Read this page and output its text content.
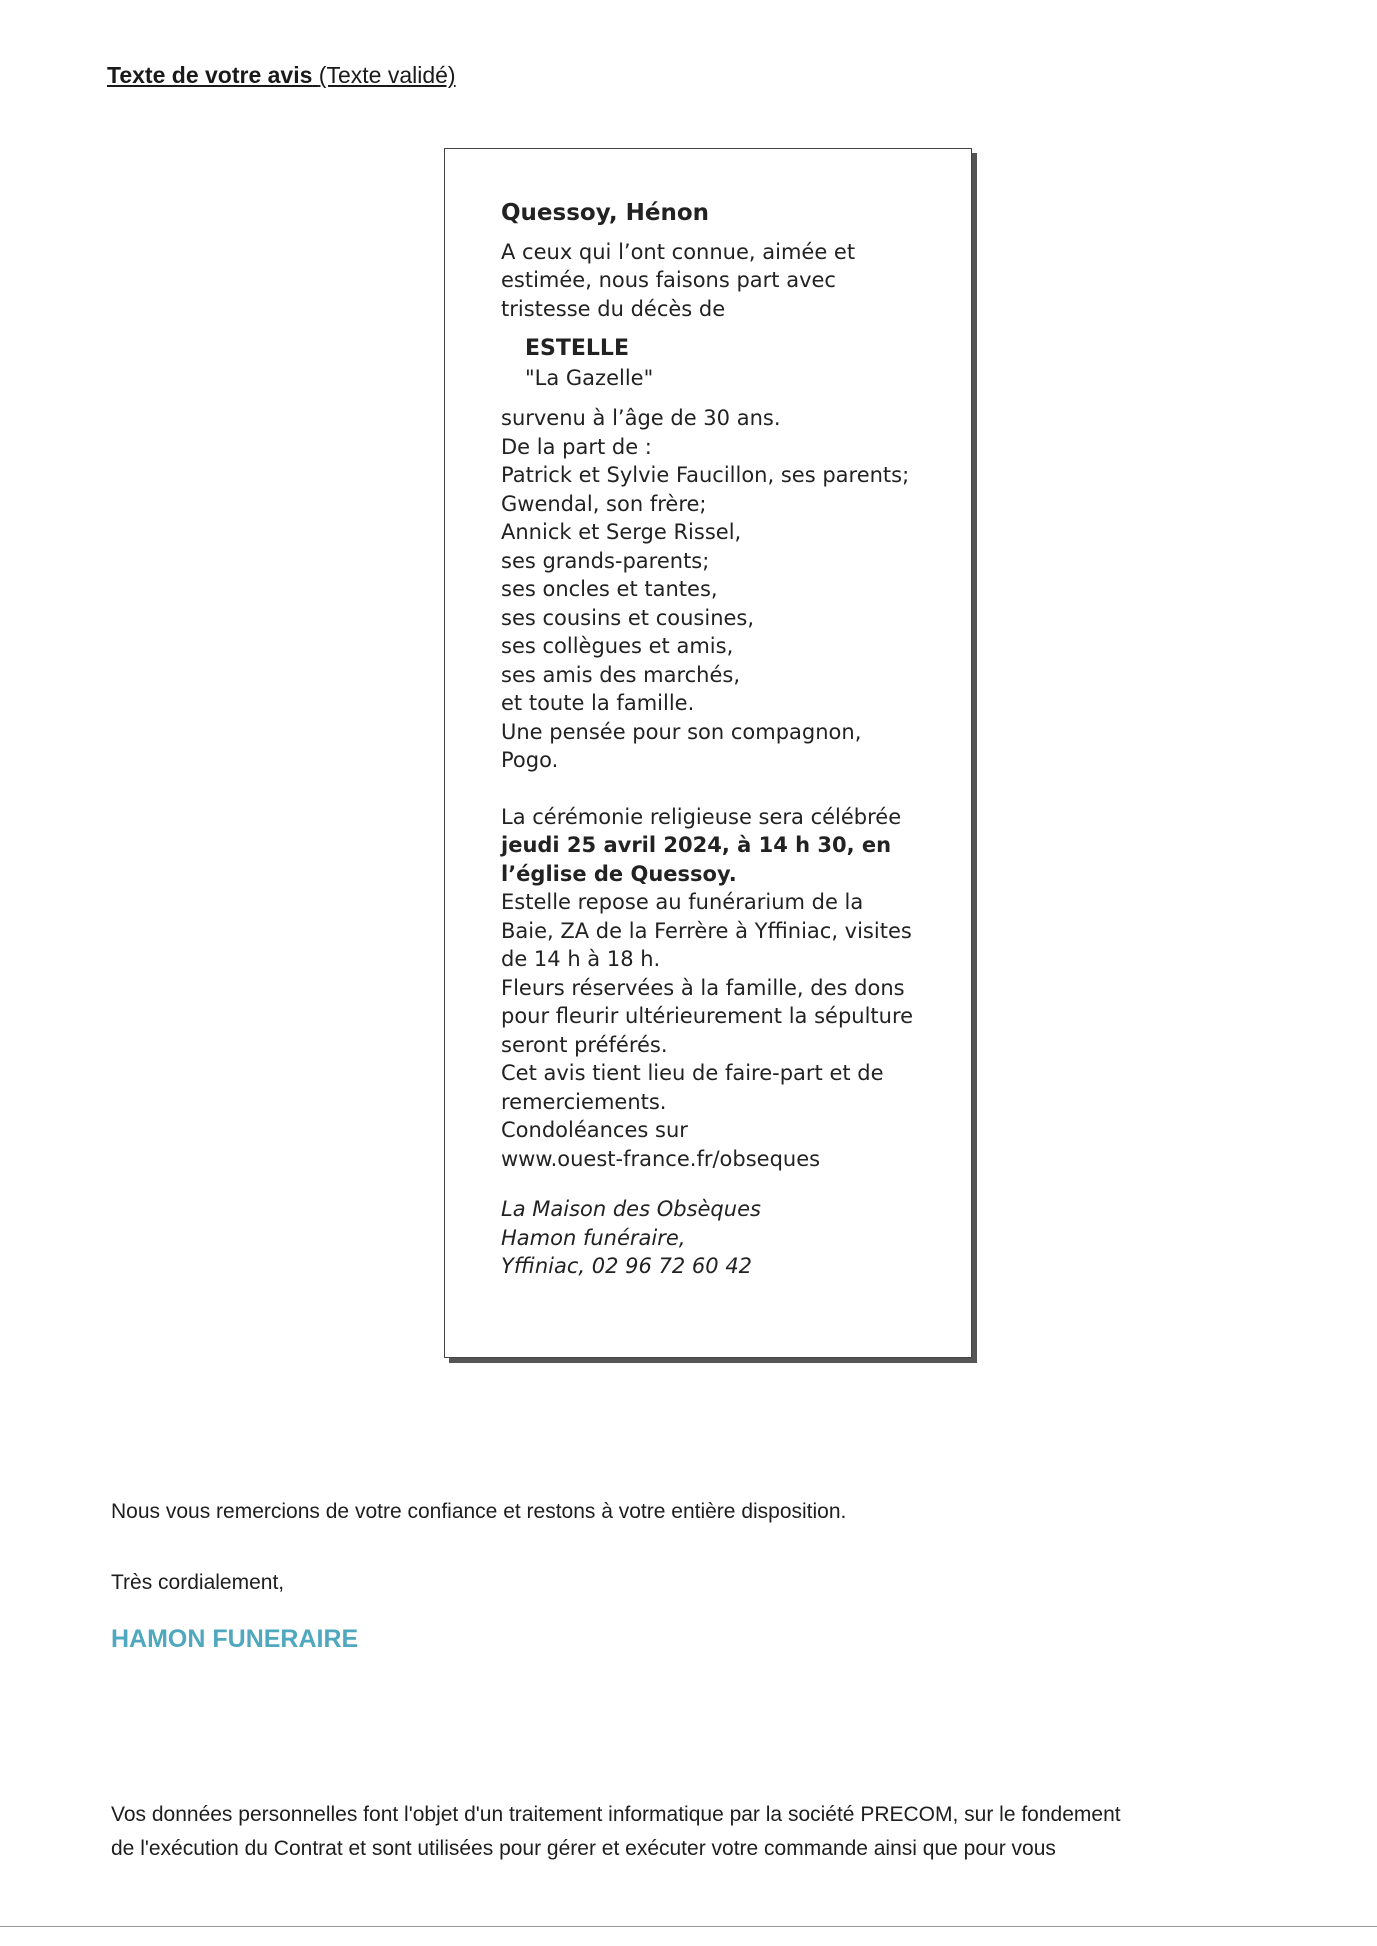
Texte de votre avis (Texte validé)

Quessoy, Hénon
A ceux qui l’ont connue, aimée et
estimée, nous faisons part avec
tristesse du décès de
ESTELLE
"La Gazelle"
survenu à l’âge de 30 ans.
De la part de :
Patrick et Sylvie Faucillon, ses parents;
Gwendal, son frère;
Annick et Serge Rissel,
ses grands-parents;
ses oncles et tantes,
ses cousins et cousines,
ses collègues et amis,
ses amis des marchés,
et toute la famille.
Une pensée pour son compagnon,
Pogo.
La cérémonie religieuse sera célébrée
jeudi 25 avril 2024, à 14 h 30, en
l’église de Quessoy.
Estelle repose au funérarium de la
Baie, ZA de la Ferrère à Yffiniac, visites
de 14 h à 18 h.
Fleurs réservées à la famille, des dons
pour fleurir ultérieurement la sépulture
seront préférés.
Cet avis tient lieu de faire-part et de
remerciements.
Condoléances sur
www.ouest-france.fr/obseques
La Maison des Obsèques
Hamon funéraire,
Yffiniac, 02 96 72 60 42
Nous vous remercions de votre confiance et restons à votre entière disposition.
Très cordialement,
HAMON FUNERAIRE
Vos données personnelles font l'objet d'un traitement informatique par la société PRECOM, sur le fondement
de l'exécution du Contrat et sont utilisées pour gérer et exécuter votre commande ainsi que pour vous
